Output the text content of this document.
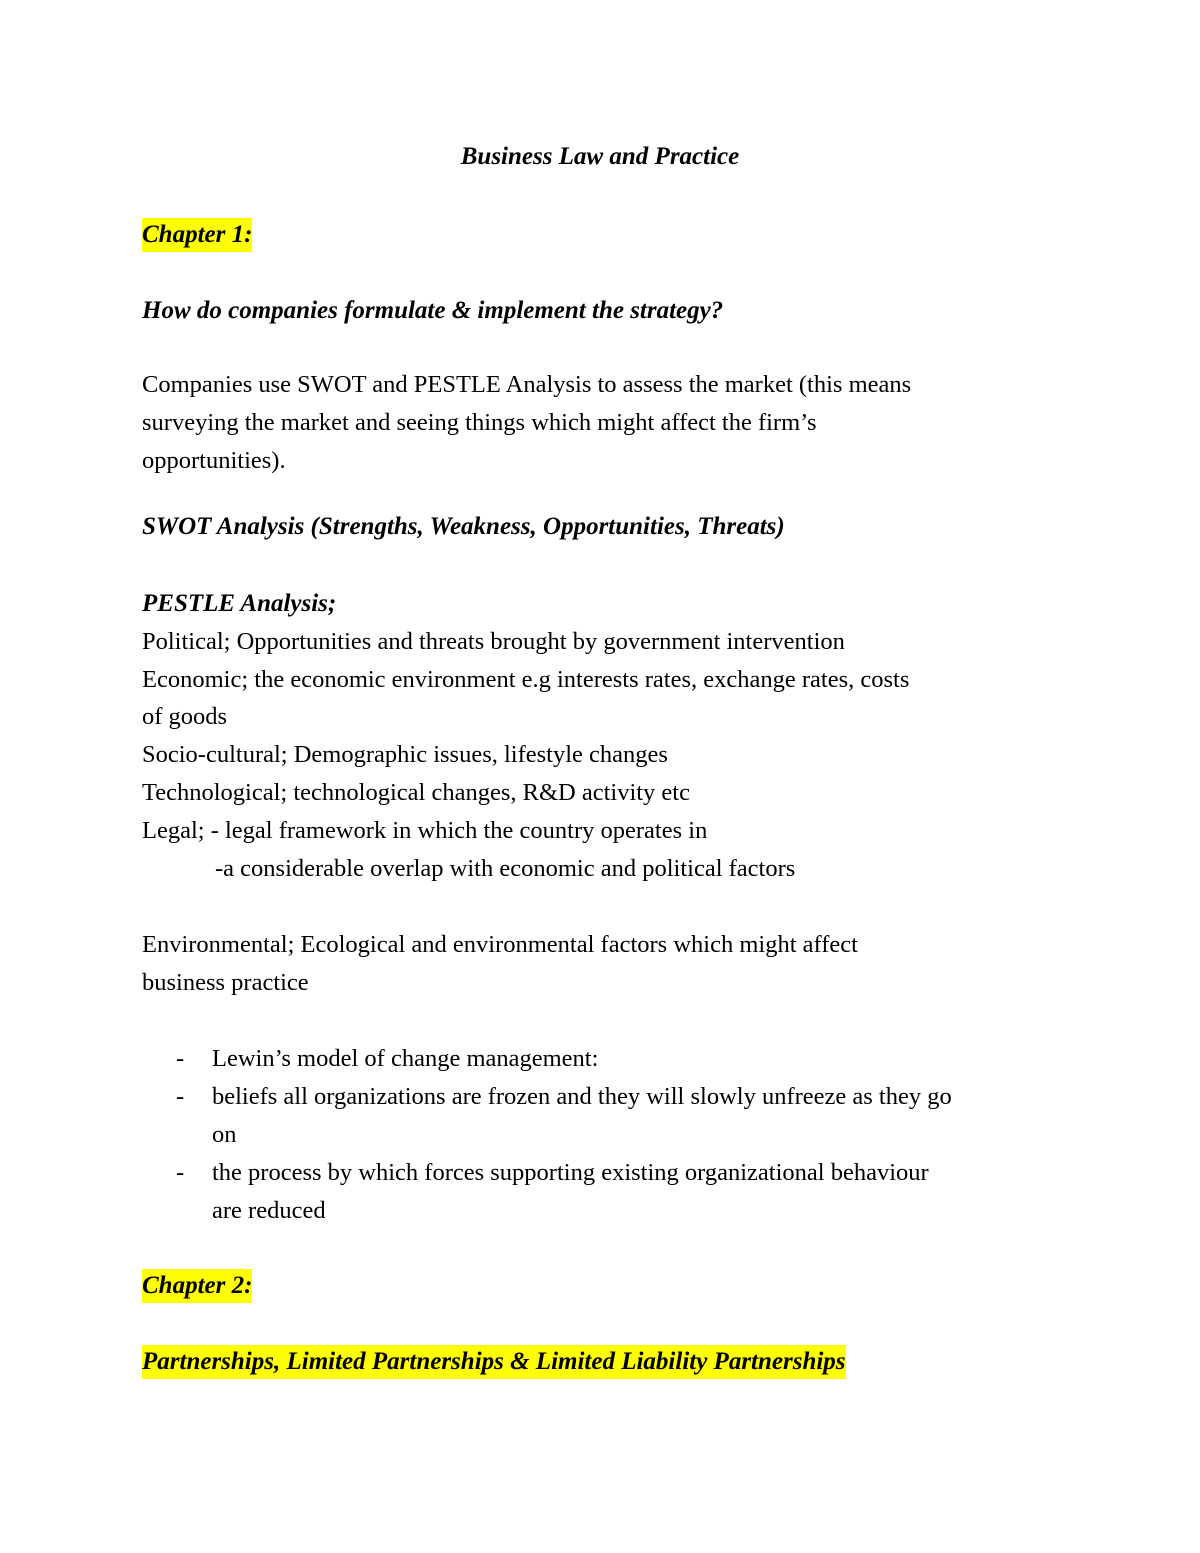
Business Law and Practice
Chapter 1:
How do companies formulate & implement the strategy?
Companies use SWOT and PESTLE Analysis to assess the market (this means
surveying the market and seeing things which might affect the firm’s
opportunities).
SWOT Analysis (Strengths, Weakness, Opportunities, Threats)
PESTLE Analysis;
Political; Opportunities and threats brought by government intervention
Economic; the economic environment e.g interests rates, exchange rates, costs
of goods
Socio-cultural; Demographic issues, lifestyle changes
Technological; technological changes, R&D activity etc
Legal; - legal framework in which the country operates in
-a considerable overlap with economic and political factors
Environmental; Ecological and environmental factors which might affect
business practice
- Lewin’s model of change management:
- beliefs all organizations are frozen and they will slowly unfreeze as they go
on
- the process by which forces supporting existing organizational behaviour
are reduced
Chapter 2:
Partnerships, Limited Partnerships & Limited Liability Partnerships
